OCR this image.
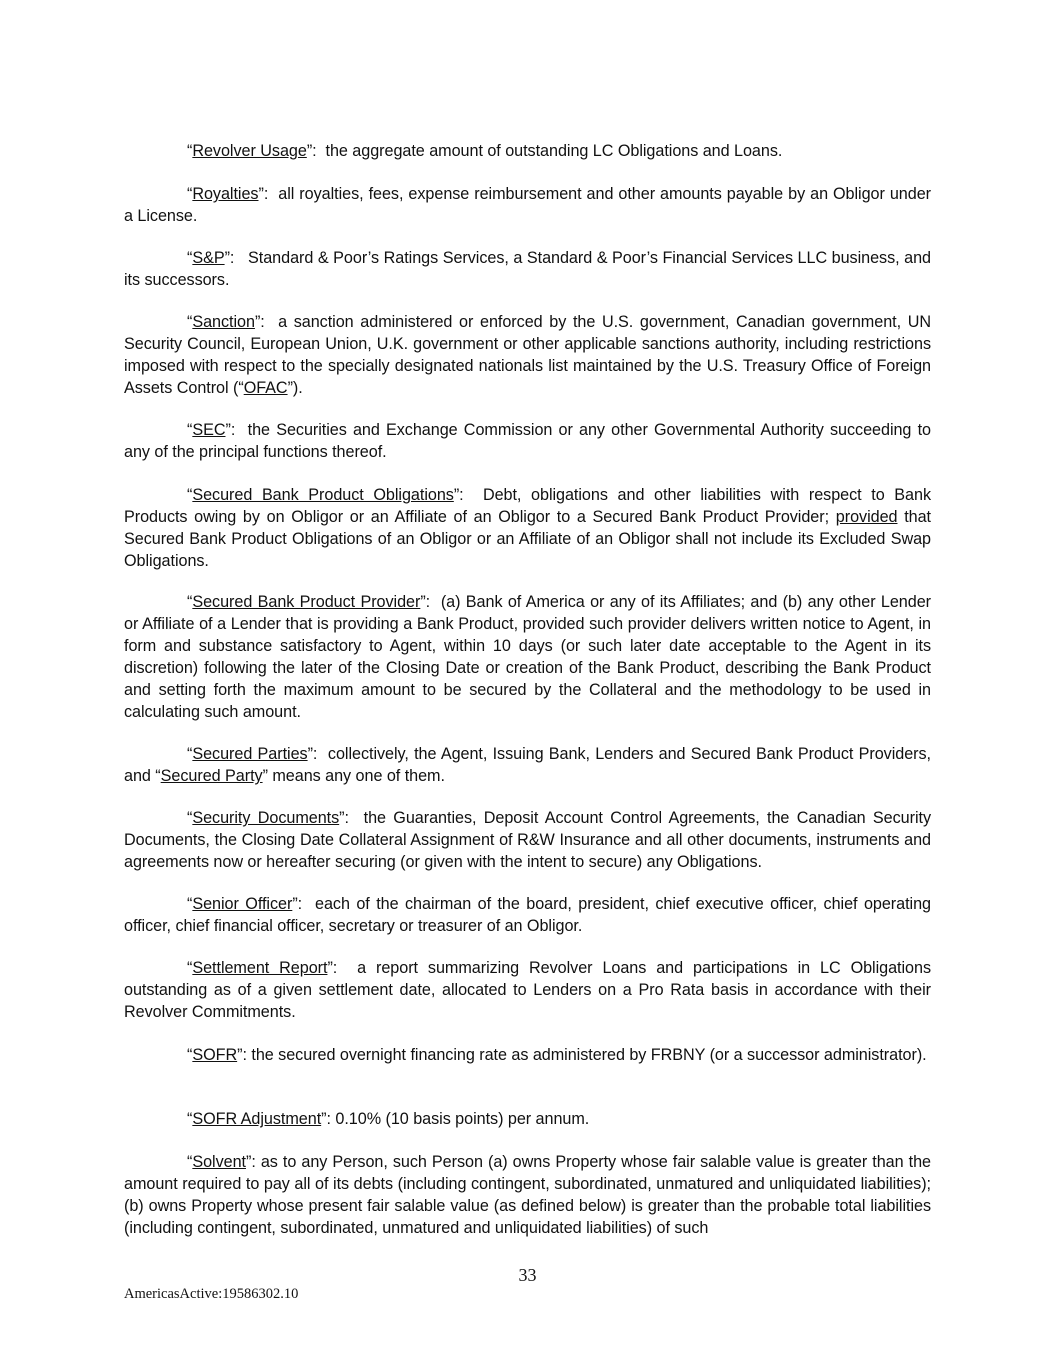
“Revolver Usage”:  the aggregate amount of outstanding LC Obligations and Loans.

“Royalties”:  all royalties, fees, expense reimbursement and other amounts payable by an Obligor under a License.

“S&P”:   Standard & Poor’s Ratings Services, a Standard & Poor’s Financial Services LLC business, and its successors.

“Sanction”:  a sanction administered or enforced by the U.S. government, Canadian government, UN Security Council, European Union, U.K. government or other applicable sanctions authority, including restrictions imposed with respect to the specially designated nationals list maintained by the U.S. Treasury Office of Foreign Assets Control (“OFAC”).

“SEC”:  the Securities and Exchange Commission or any other Governmental Authority succeeding to any of the principal functions thereof.

“Secured Bank Product Obligations”:  Debt, obligations and other liabilities with respect to Bank Products owing by on Obligor or an Affiliate of an Obligor to a Secured Bank Product Provider; provided that Secured Bank Product Obligations of an Obligor or an Affiliate of an Obligor shall not include its Excluded Swap Obligations.

“Secured Bank Product Provider”:  (a) Bank of America or any of its Affiliates; and (b) any other Lender or Affiliate of a Lender that is providing a Bank Product, provided such provider delivers written notice to Agent, in form and substance satisfactory to Agent, within 10 days (or such later date acceptable to the Agent in its discretion) following the later of the Closing Date or creation of the Bank Product, describing the Bank Product and setting forth the maximum amount to be secured by the Collateral and the methodology to be used in calculating such amount.

“Secured Parties”:  collectively, the Agent, Issuing Bank, Lenders and Secured Bank Product Providers, and “Secured Party” means any one of them.

“Security Documents”:  the Guaranties, Deposit Account Control Agreements, the Canadian Security Documents, the Closing Date Collateral Assignment of R&W Insurance and all other documents, instruments and agreements now or hereafter securing (or given with the intent to secure) any Obligations.

“Senior Officer”:  each of the chairman of the board, president, chief executive officer, chief operating officer, chief financial officer, secretary or treasurer of an Obligor.

“Settlement Report”:  a report summarizing Revolver Loans and participations in LC Obligations outstanding as of a given settlement date, allocated to Lenders on a Pro Rata basis in accordance with their Revolver Commitments.

“SOFR”: the secured overnight financing rate as administered by FRBNY (or a successor administrator).

“SOFR Adjustment”: 0.10% (10 basis points) per annum.

“Solvent”: as to any Person, such Person (a) owns Property whose fair salable value is greater than the amount required to pay all of its debts (including contingent, subordinated, unmatured and unliquidated liabilities); (b) owns Property whose present fair salable value (as defined below) is greater than the probable total liabilities (including contingent, subordinated, unmatured and unliquidated liabilities) of such

33
AmericasActive:19586302.10
